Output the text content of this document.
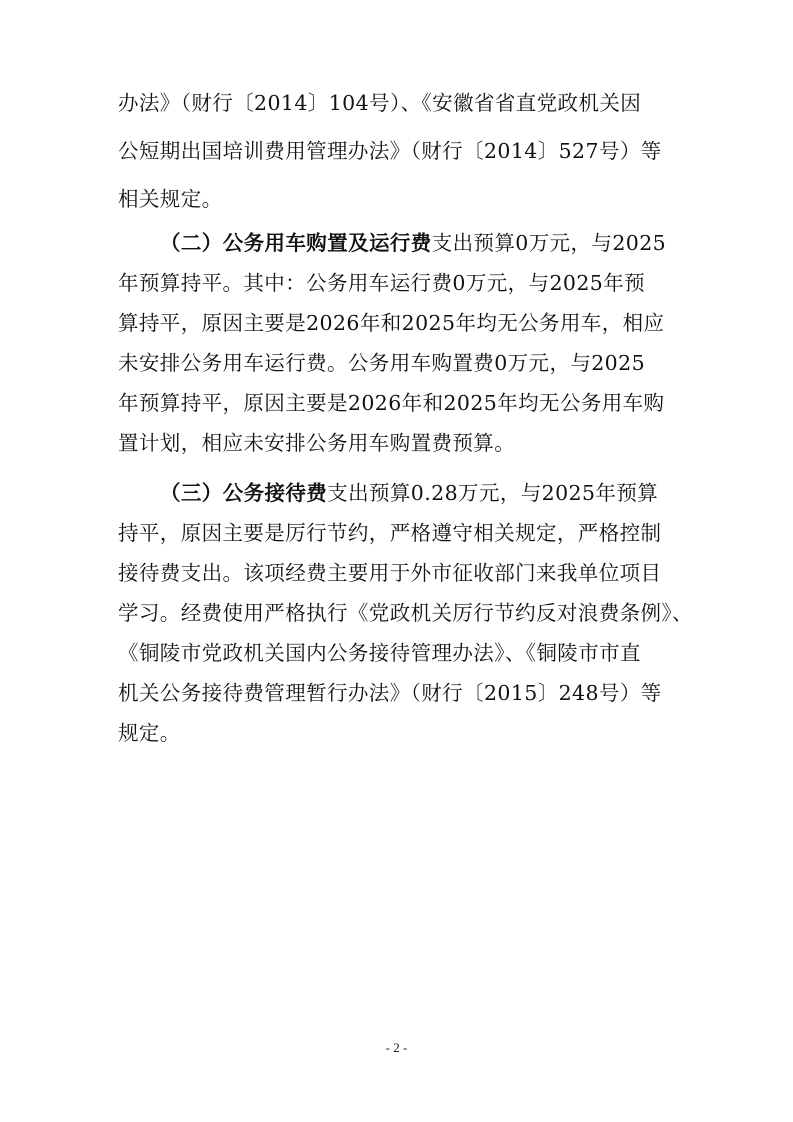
办法》（财行〔2014〕104号）、《安徽省省直党政机关因
公短期出国培训费用管理办法》（财行〔2014〕527号）等
相关规定。
（二）公务用车购置及运行费支出预算0万元，与2025
年预算持平。其中：公务用车运行费0万元，与2025年预
算持平，原因主要是2026年和2025年均无公务用车，相应
未安排公务用车运行费。公务用车购置费0万元，与2025
年预算持平，原因主要是2026年和2025年均无公务用车购
置计划，相应未安排公务用车购置费预算。
（三）公务接待费支出预算0.28万元，与2025年预算
持平，原因主要是厉行节约，严格遵守相关规定，严格控制
接待费支出。该项经费主要用于外市征收部门来我单位项目
学习。经费使用严格执行《党政机关厉行节约反对浪费条例》、
《铜陵市党政机关国内公务接待管理办法》、《铜陵市市直
机关公务接待费管理暂行办法》（财行〔2015〕248号）等
规定。
- 2 -
